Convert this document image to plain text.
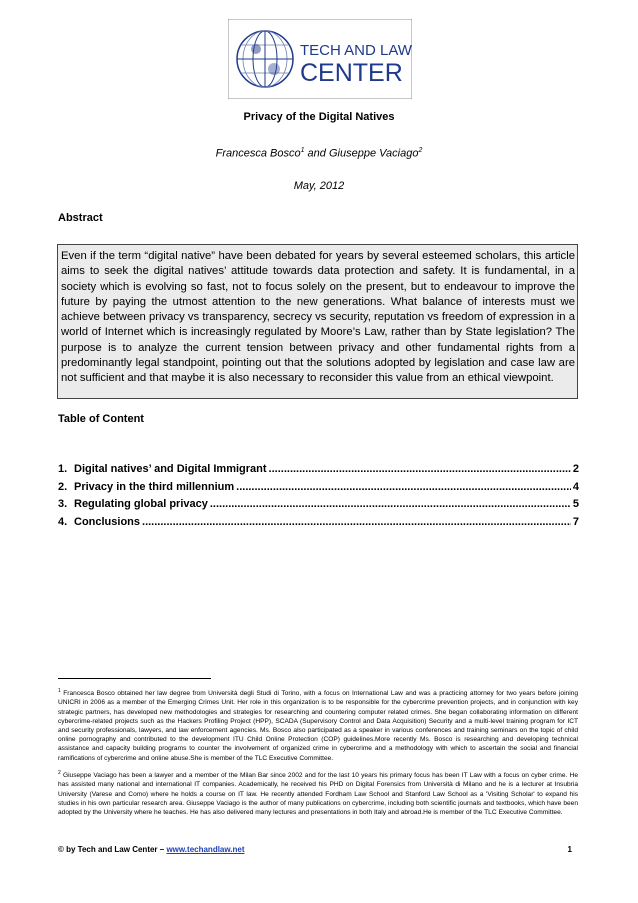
TECH AND LAW
CENTER
Privacy of the Digital Natives
Francesca Bosco$^1$ and Giuseppe Vaciago$^2$
May, 2012
Abstract
Even if the term “digital native” have been debated for years by several esteemed scholars, this article aims to seek the digital natives’ attitude towards data protection and safety. It is fundamental, in a society which is evolving so fast, not to focus solely on the present, but to endeavour to improve the future by paying the utmost attention to the new generations. What balance of interests must we achieve between privacy vs transparency, secrecy vs security, reputation vs freedom of expression in a world of Internet which is increasingly regulated by Moore’s Law, rather than by State legislation? The purpose is to analyze the current tension between privacy and other fundamental rights from a predominantly legal standpoint, pointing out that the solutions adopted by legislation and case law are not sufficient and that maybe it is also necessary to reconsider this value from an ethical viewpoint.
Table of Content
1. Digital natives’ and Digital Immigrant .....	2
2. Privacy in the third millennium .....	4
3. Regulating global privacy .....	5
4. Conclusions .....	7
$^1$ Francesca Bosco obtained her law degree from Università degli Studi di Torino, with a focus on International Law and was a practicing attorney for two years before joining UNICRI in 2006 as a member of the Emerging Crimes Unit. Her role in this organization is to be responsible for the cybercrime prevention projects, and in conjunction with key strategic partners, has developed new methodologies and strategies for researching and countering computer related crimes. She began collaborating information on different cybercrime-related projects such as the Hackers Profiling Project (HPP), SCADA (Supervisory Control and Data Acquisition) Security and a multi-level training program for ICT and security professionals, lawyers, and law enforcement agencies. Ms. Bosco also participated as a speaker in various conferences and training seminars on the topic of child online pornography and contributed to the development ITU Child Online Protection (COP) guidelines.More recently Ms. Bosco is researching and developing technical assistance and capacity building programs to counter the involvement of organized crime in cybercrime and a methodology with which to ascertain the social and financial ramifications of cybercrime and online abuse.She is member of the TLC Executive Committee.
$^2$ Giuseppe Vaciago has been a lawyer and a member of the Milan Bar since 2002 and for the last 10 years his primary focus has been IT Law with a focus on cyber crime. He has assisted many national and international IT companies. Academically, he received his PHD on Digital Forensics from Università di Milano and he is a lecturer at Insubria University (Varese and Como) where he holds a course on IT law. He recently attended Fordham Law School and Stanford Law School as a 'Visiting Scholar' to expand his studies in his own particular research area. Giuseppe Vaciago is the author of many publications on cybercrime, including both scientific journals and textbooks, which have been adopted by the University where he teaches. He has also delivered many lectures and presentations in both Italy and abroad.He is member of the TLC Executive Committee.
© by Tech and Law Center – www.techandlaw.net	1
